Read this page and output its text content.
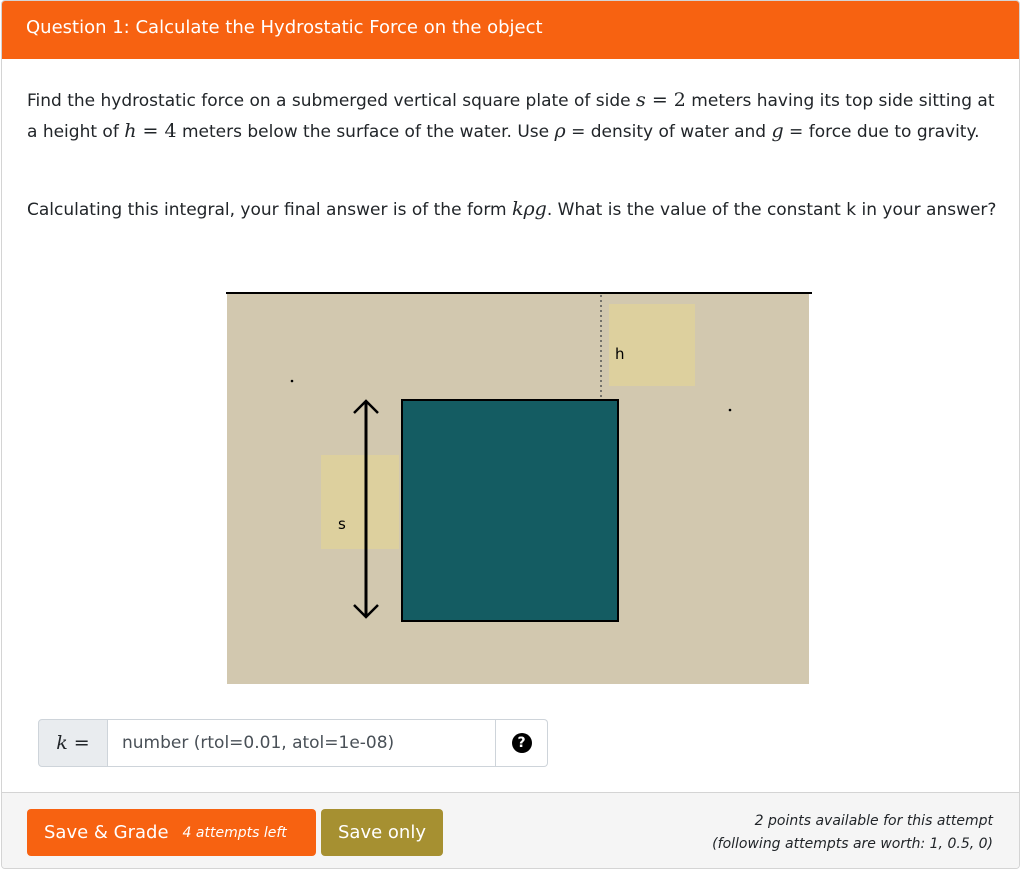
Question 1: Calculate the Hydrostatic Force on the object
Find the hydrostatic force on a submerged vertical square plate of side s = 2 meters having its top side sitting at a height of h = 4 meters below the surface of the water. Use ρ = density of water and g = force due to gravity.
Calculating this integral, your final answer is of the form kρg. What is the value of the constant k in your answer?
h
s
k =
number (rtol=0.01, atol=1e-08)	?
Save & Grade 4 attempts left	Save only
2 points available for this attempt
(following attempts are worth: 1, 0.5, 0)
